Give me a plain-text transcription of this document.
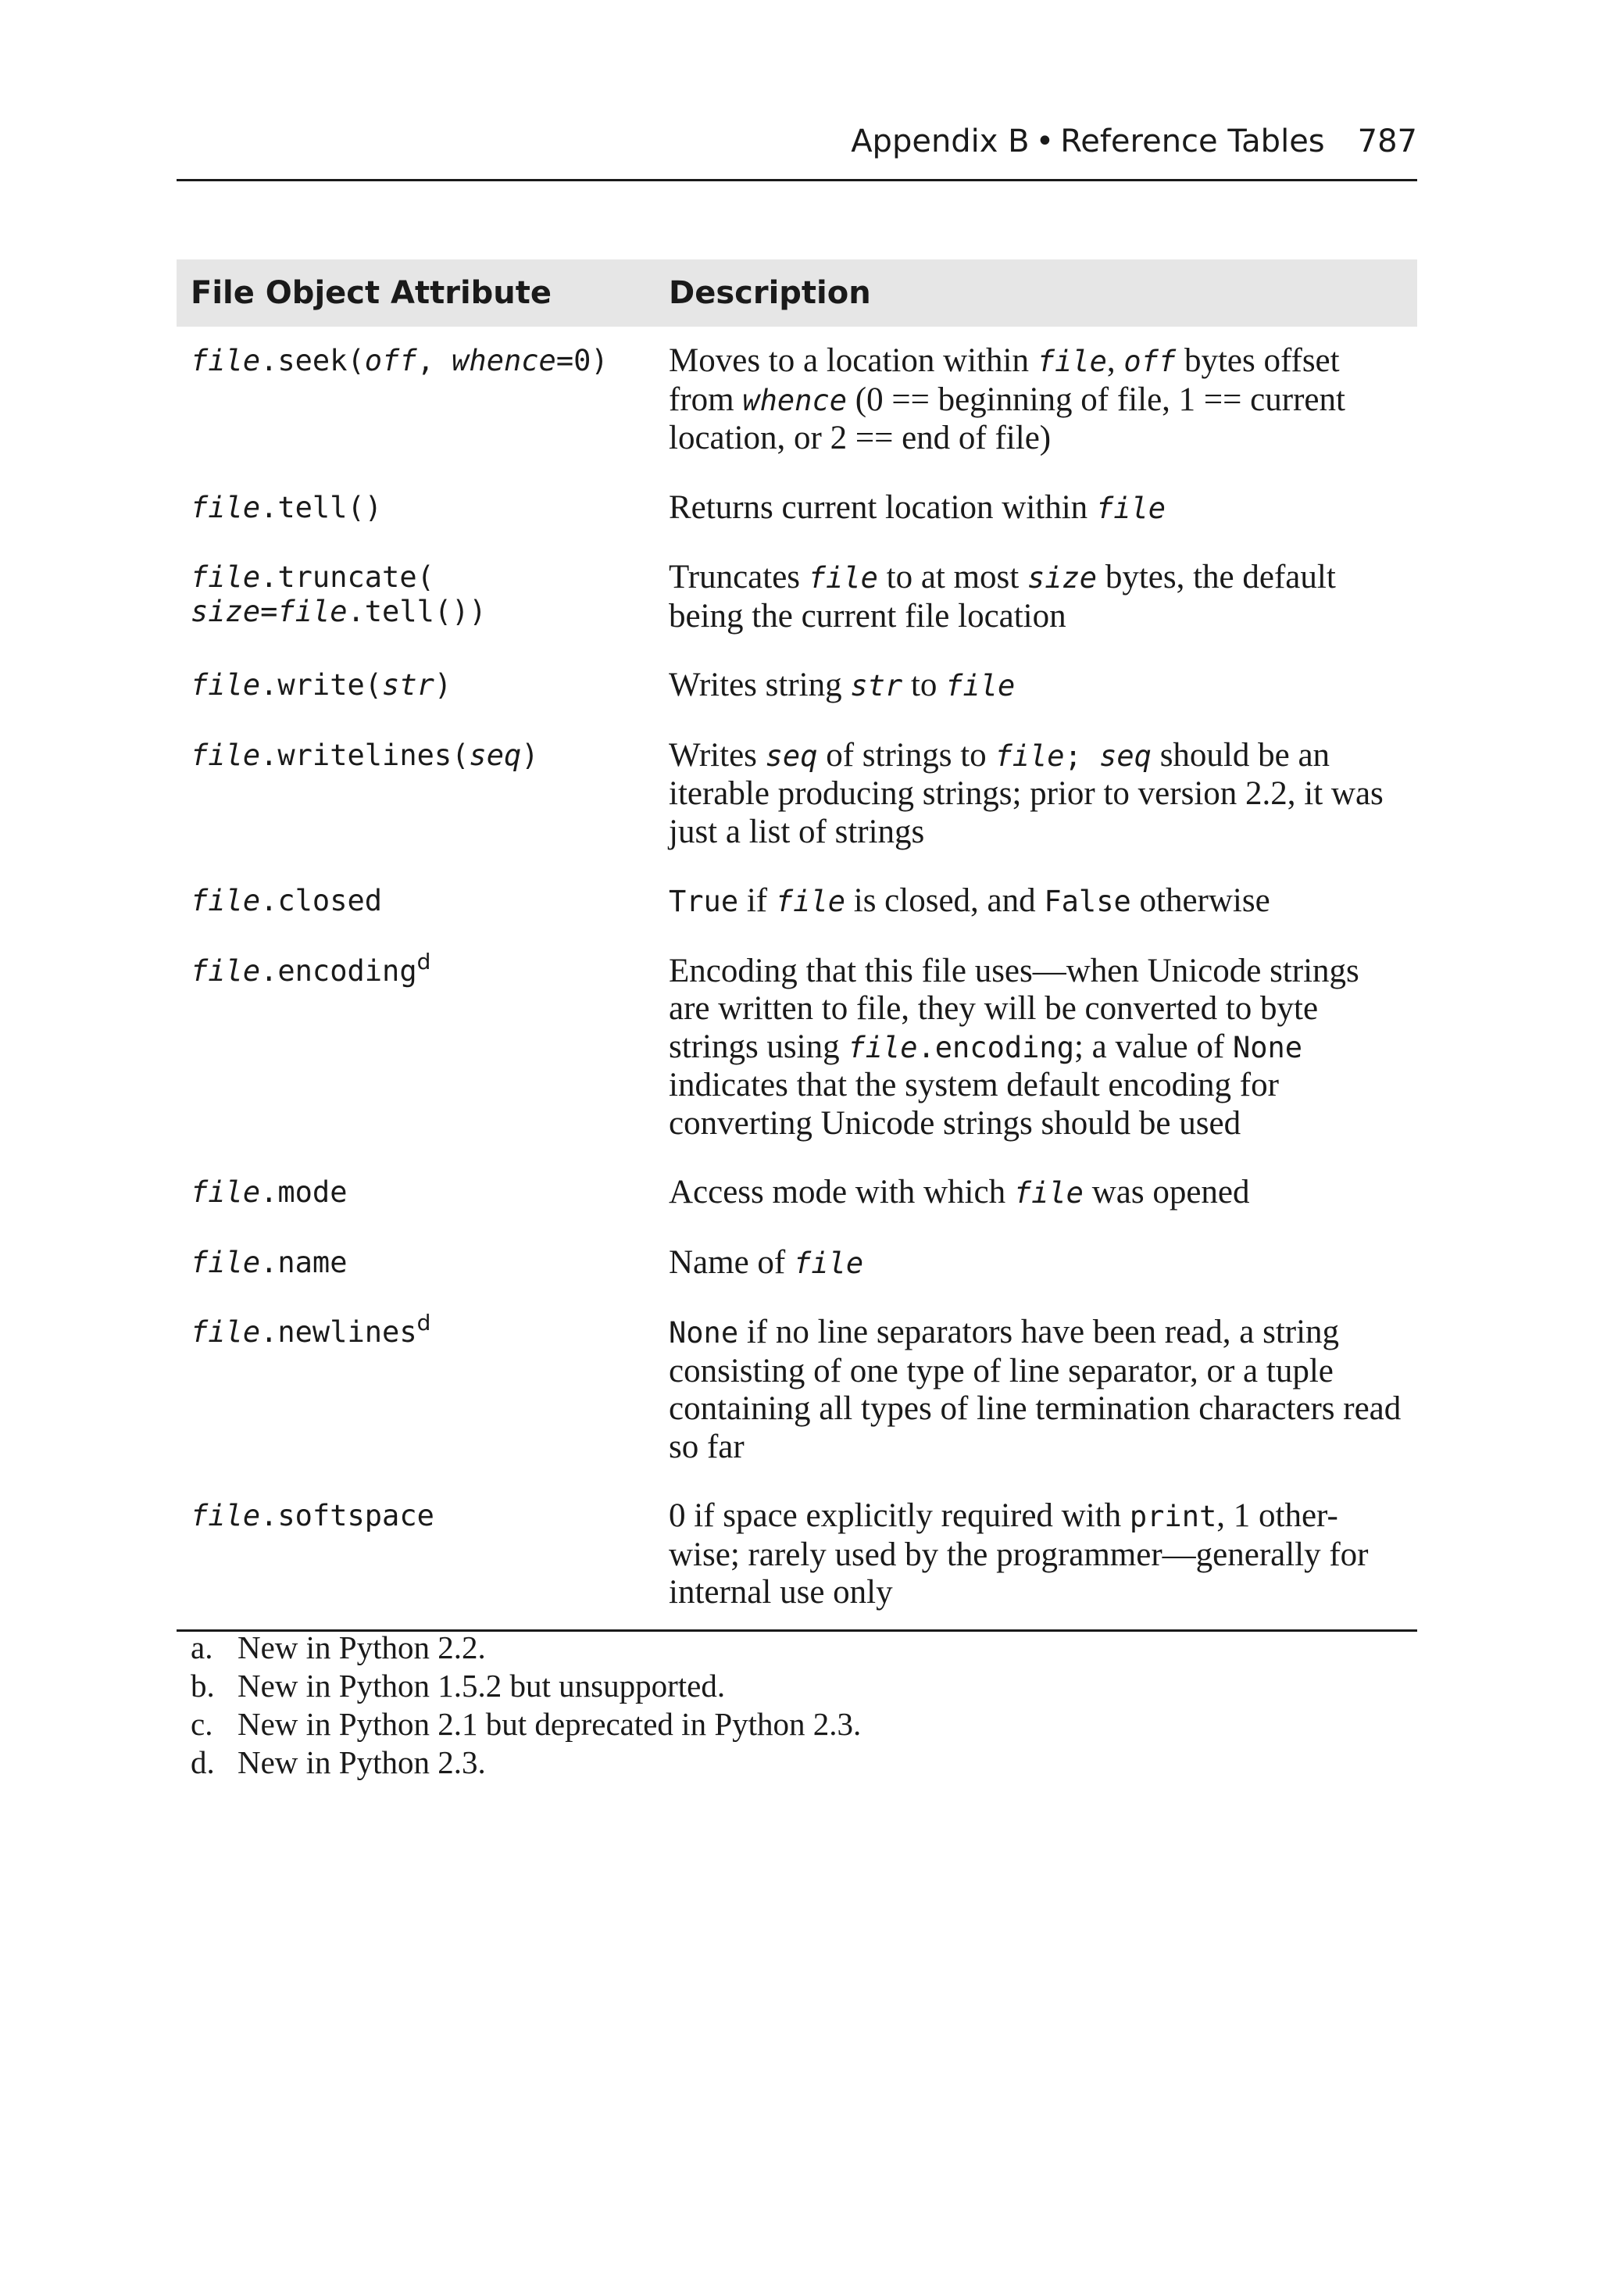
Appendix B • Reference Tables 787
File Object Attribute	Description
file.seek(off, whence=0)	Moves to a location within file, off bytes offset from whence (0 == beginning of file, 1 == current location, or 2 == end of file)
file.tell()	Returns current location within file
file.truncate(
size=file.tell())	Truncates file to at most size bytes, the default being the current file location
file.write(str)	Writes string str to file
file.writelines(seq)	Writes seq of strings to file; seq should be an iterable producing strings; prior to version 2.2, it was just a list of strings
file.closed	True if file is closed, and False otherwise
file.encoding$^d$	Encoding that this file uses—when Unicode strings are written to file, they will be converted to byte strings using file.encoding; a value of None indicates that the system default encoding for converting Unicode strings should be used
file.mode	Access mode with which file was opened
file.name	Name of file
file.newlines$^d$	None if no line separators have been read, a string consisting of one type of line separator, or a tuple containing all types of line termination characters read so far
file.softspace	0 if space explicitly required with print, 1 other-wise; rarely used by the programmer—generally for internal use only
a. New in Python 2.2.
b. New in Python 1.5.2 but unsupported.
c. New in Python 2.1 but deprecated in Python 2.3.
d. New in Python 2.3.
